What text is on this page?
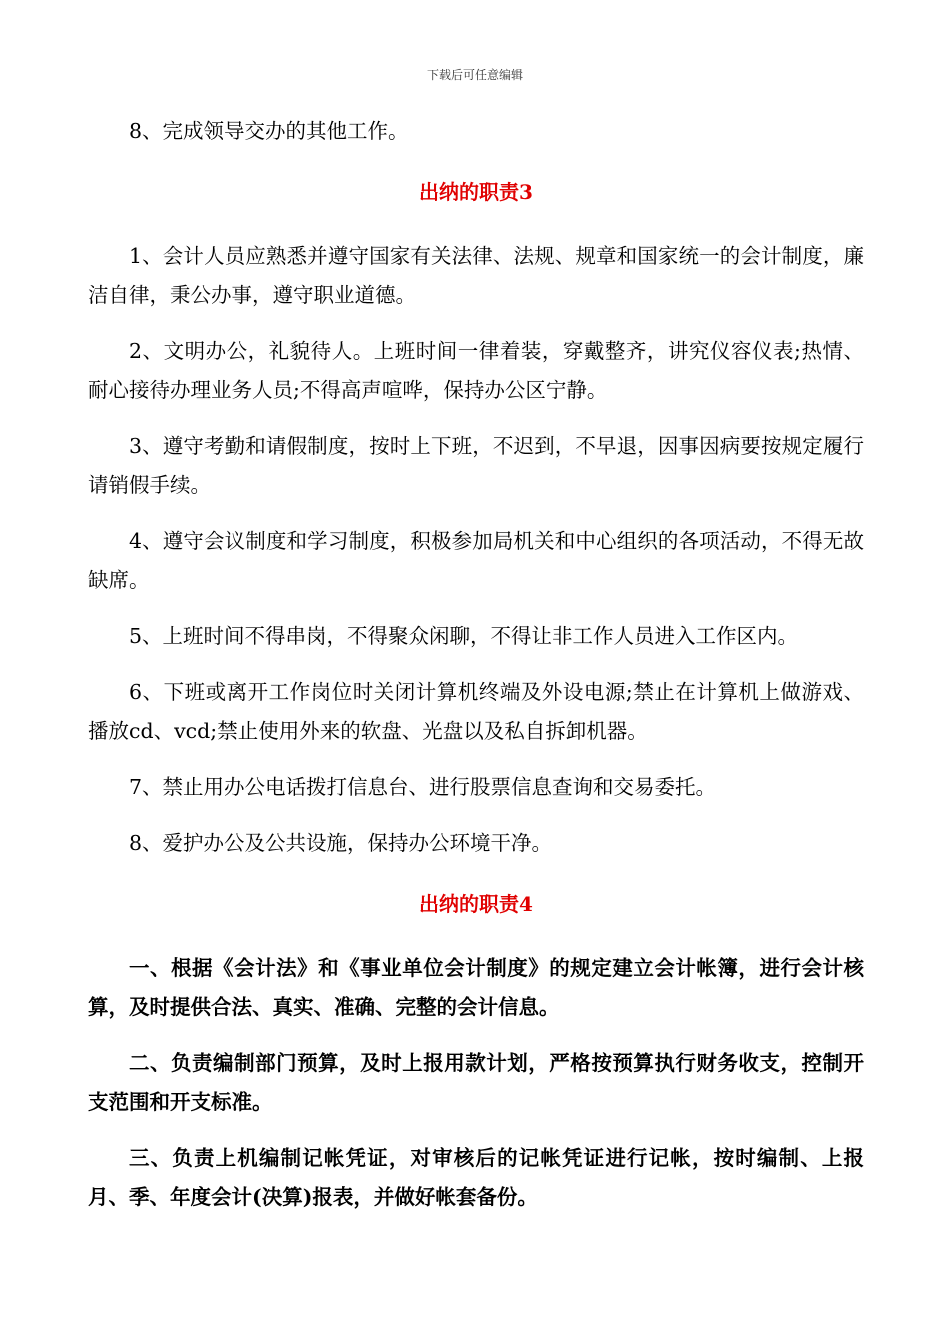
下载后可任意编辑

8、完成领导交办的其他工作。

出纳的职责3

1、会计人员应熟悉并遵守国家有关法律、法规、规章和国家统一的会计制度，廉洁自律，秉公办事，遵守职业道德。

2、文明办公，礼貌待人。上班时间一律着装，穿戴整齐，讲究仪容仪表;热情、耐心接待办理业务人员;不得高声喧哗，保持办公区宁静。

3、遵守考勤和请假制度，按时上下班，不迟到，不早退，因事因病要按规定履行请销假手续。

4、遵守会议制度和学习制度，积极参加局机关和中心组织的各项活动，不得无故缺席。

5、上班时间不得串岗，不得聚众闲聊，不得让非工作人员进入工作区内。

6、下班或离开工作岗位时关闭计算机终端及外设电源;禁止在计算机上做游戏、播放cd、vcd;禁止使用外来的软盘、光盘以及私自拆卸机器。

7、禁止用办公电话拨打信息台、进行股票信息查询和交易委托。

8、爱护办公及公共设施，保持办公环境干净。

出纳的职责4

一、根据《会计法》和《事业单位会计制度》的规定建立会计帐簿，进行会计核算，及时提供合法、真实、准确、完整的会计信息。

二、负责编制部门预算，及时上报用款计划，严格按预算执行财务收支，控制开支范围和开支标准。

三、负责上机编制记帐凭证，对审核后的记帐凭证进行记帐，按时编制、上报月、季、年度会计(决算)报表，并做好帐套备份。
